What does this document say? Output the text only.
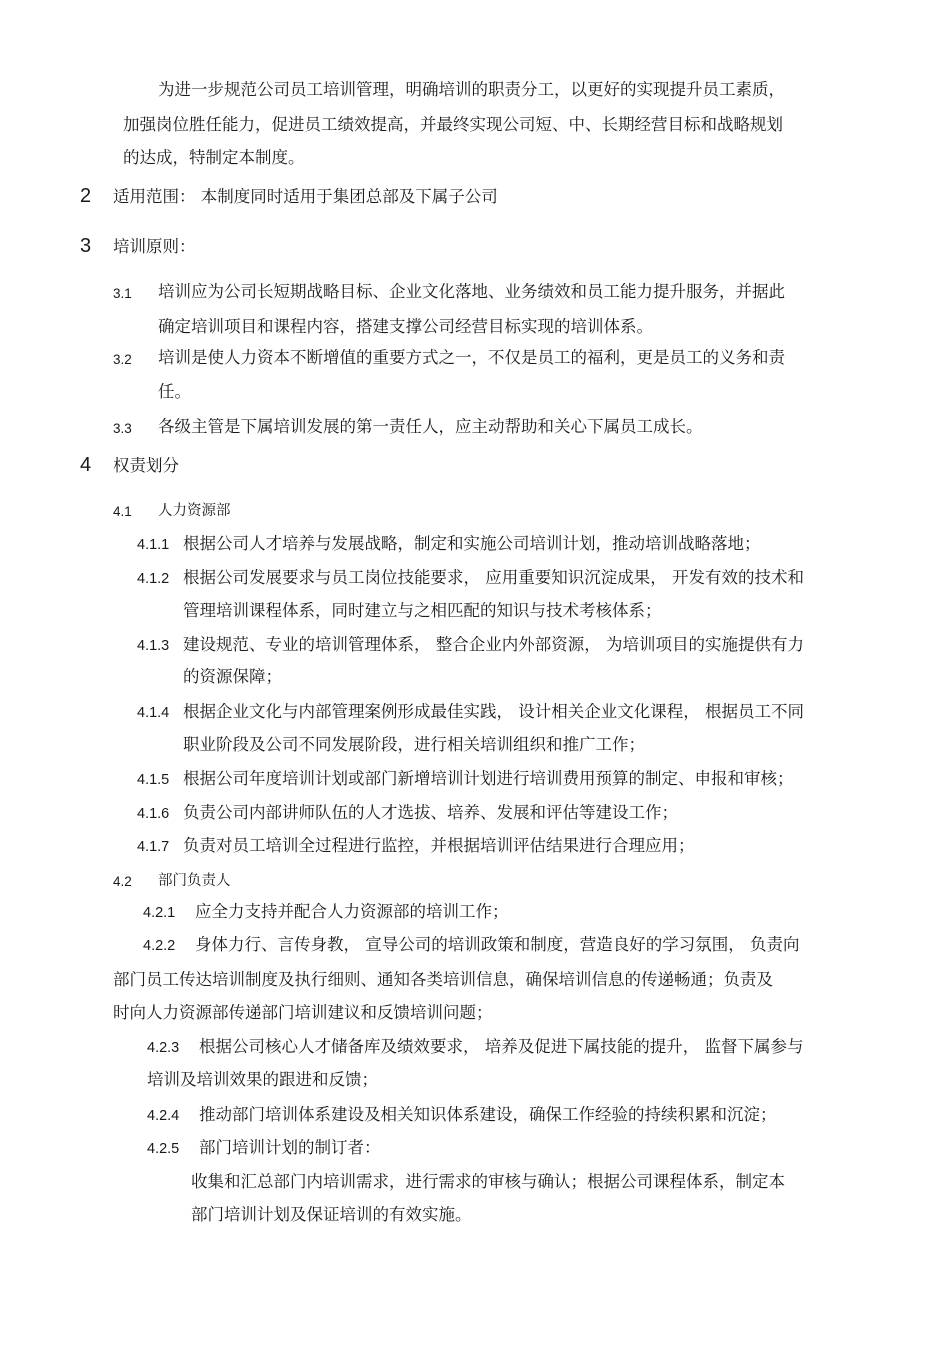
为进一步规范公司员工培训管理，明确培训的职责分工，以更好的实现提升员工素质，
加强岗位胜任能力，促进员工绩效提高，并最终实现公司短、中、长期经营目标和战略规划
的达成，特制定本制度。
2 适用范围： 本制度同时适用于集团总部及下属子公司
3 培训原则：
3.1 培训应为公司长短期战略目标、企业文化落地、业务绩效和员工能力提升服务，并据此
确定培训项目和课程内容，搭建支撑公司经营目标实现的培训体系。
3.2 培训是使人力资本不断增值的重要方式之一，不仅是员工的福利，更是员工的义务和责
任。
3.3 各级主管是下属培训发展的第一责任人，应主动帮助和关心下属员工成长。
4 权责划分
4.1 人力资源部
4.1.1 根据公司人才培养与发展战略，制定和实施公司培训计划，推动培训战略落地；
4.1.2 根据公司发展要求与员工岗位技能要求， 应用重要知识沉淀成果， 开发有效的技术和
管理培训课程体系，同时建立与之相匹配的知识与技术考核体系；
4.1.3 建设规范、专业的培训管理体系， 整合企业内外部资源， 为培训项目的实施提供有力
的资源保障；
4.1.4 根据企业文化与内部管理案例形成最佳实践， 设计相关企业文化课程， 根据员工不同
职业阶段及公司不同发展阶段，进行相关培训组织和推广工作；
4.1.5 根据公司年度培训计划或部门新增培训计划进行培训费用预算的制定、申报和审核；
4.1.6 负责公司内部讲师队伍的人才选拔、培养、发展和评估等建设工作；
4.1.7 负责对员工培训全过程进行监控，并根据培训评估结果进行合理应用；
4.2 部门负责人
4.2.1 应全力支持并配合人力资源部的培训工作；
4.2.2 身体力行、言传身教， 宣导公司的培训政策和制度，营造良好的学习氛围， 负责向
部门员工传达培训制度及执行细则、通知各类培训信息，确保培训信息的传递畅通；负责及
时向人力资源部传递部门培训建议和反馈培训问题；
4.2.3 根据公司核心人才储备库及绩效要求， 培养及促进下属技能的提升， 监督下属参与
培训及培训效果的跟进和反馈；
4.2.4 推动部门培训体系建设及相关知识体系建设，确保工作经验的持续积累和沉淀；
4.2.5 部门培训计划的制订者：
收集和汇总部门内培训需求，进行需求的审核与确认；根据公司课程体系，制定本
部门培训计划及保证培训的有效实施。
